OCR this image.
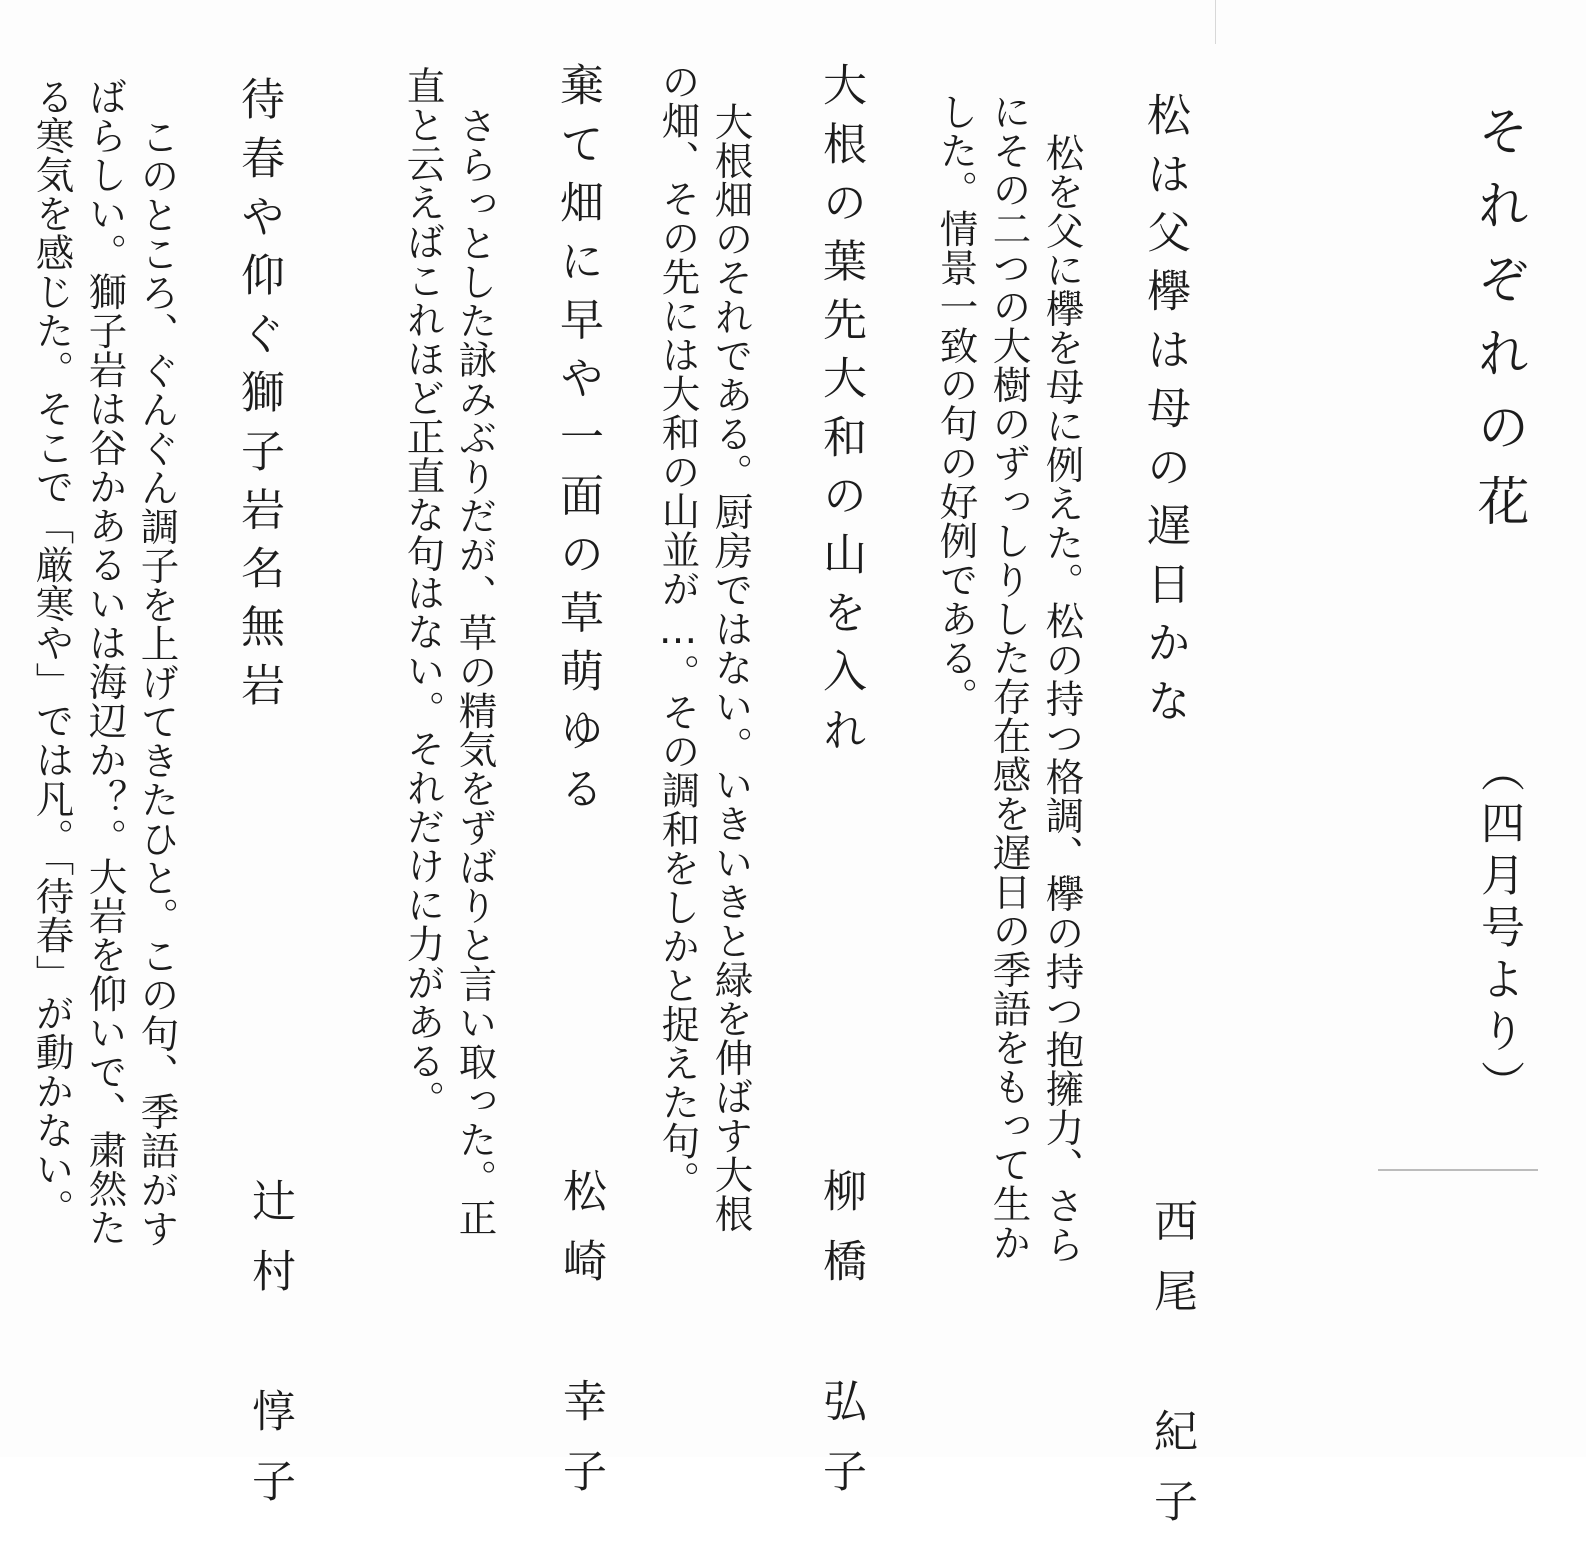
それぞれの花
（四月号より）
松は父欅は母の遅日かな
西尾　紀子
松を父に欅を母に例えた。松の持つ格調、欅の持つ抱擁力、さら
にその二つの大樹のずっしりした存在感を遅日の季語をもって生か
した。情景一致の句の好例である。
大根の葉先大和の山を入れ
柳橋　弘子
大根畑のそれである。厨房ではない。いきいきと緑を伸ばす大根
の畑、その先には大和の山並が…。その調和をしかと捉えた句。
棄て畑に早や一面の草萌ゆる
松崎　幸子
さらっとした詠みぶりだが、草の精気をずばりと言い取った。正
直と云えばこれほど正直な句はない。それだけに力がある。
待春や仰ぐ獅子岩名無岩
辻村　惇子
このところ、ぐんぐん調子を上げてきたひと。この句、季語がす
ばらしい。獅子岩は谷かあるいは海辺か？。大岩を仰いで、粛然た
る寒気を感じた。そこで「厳寒や」では凡。「待春」が動かない。
